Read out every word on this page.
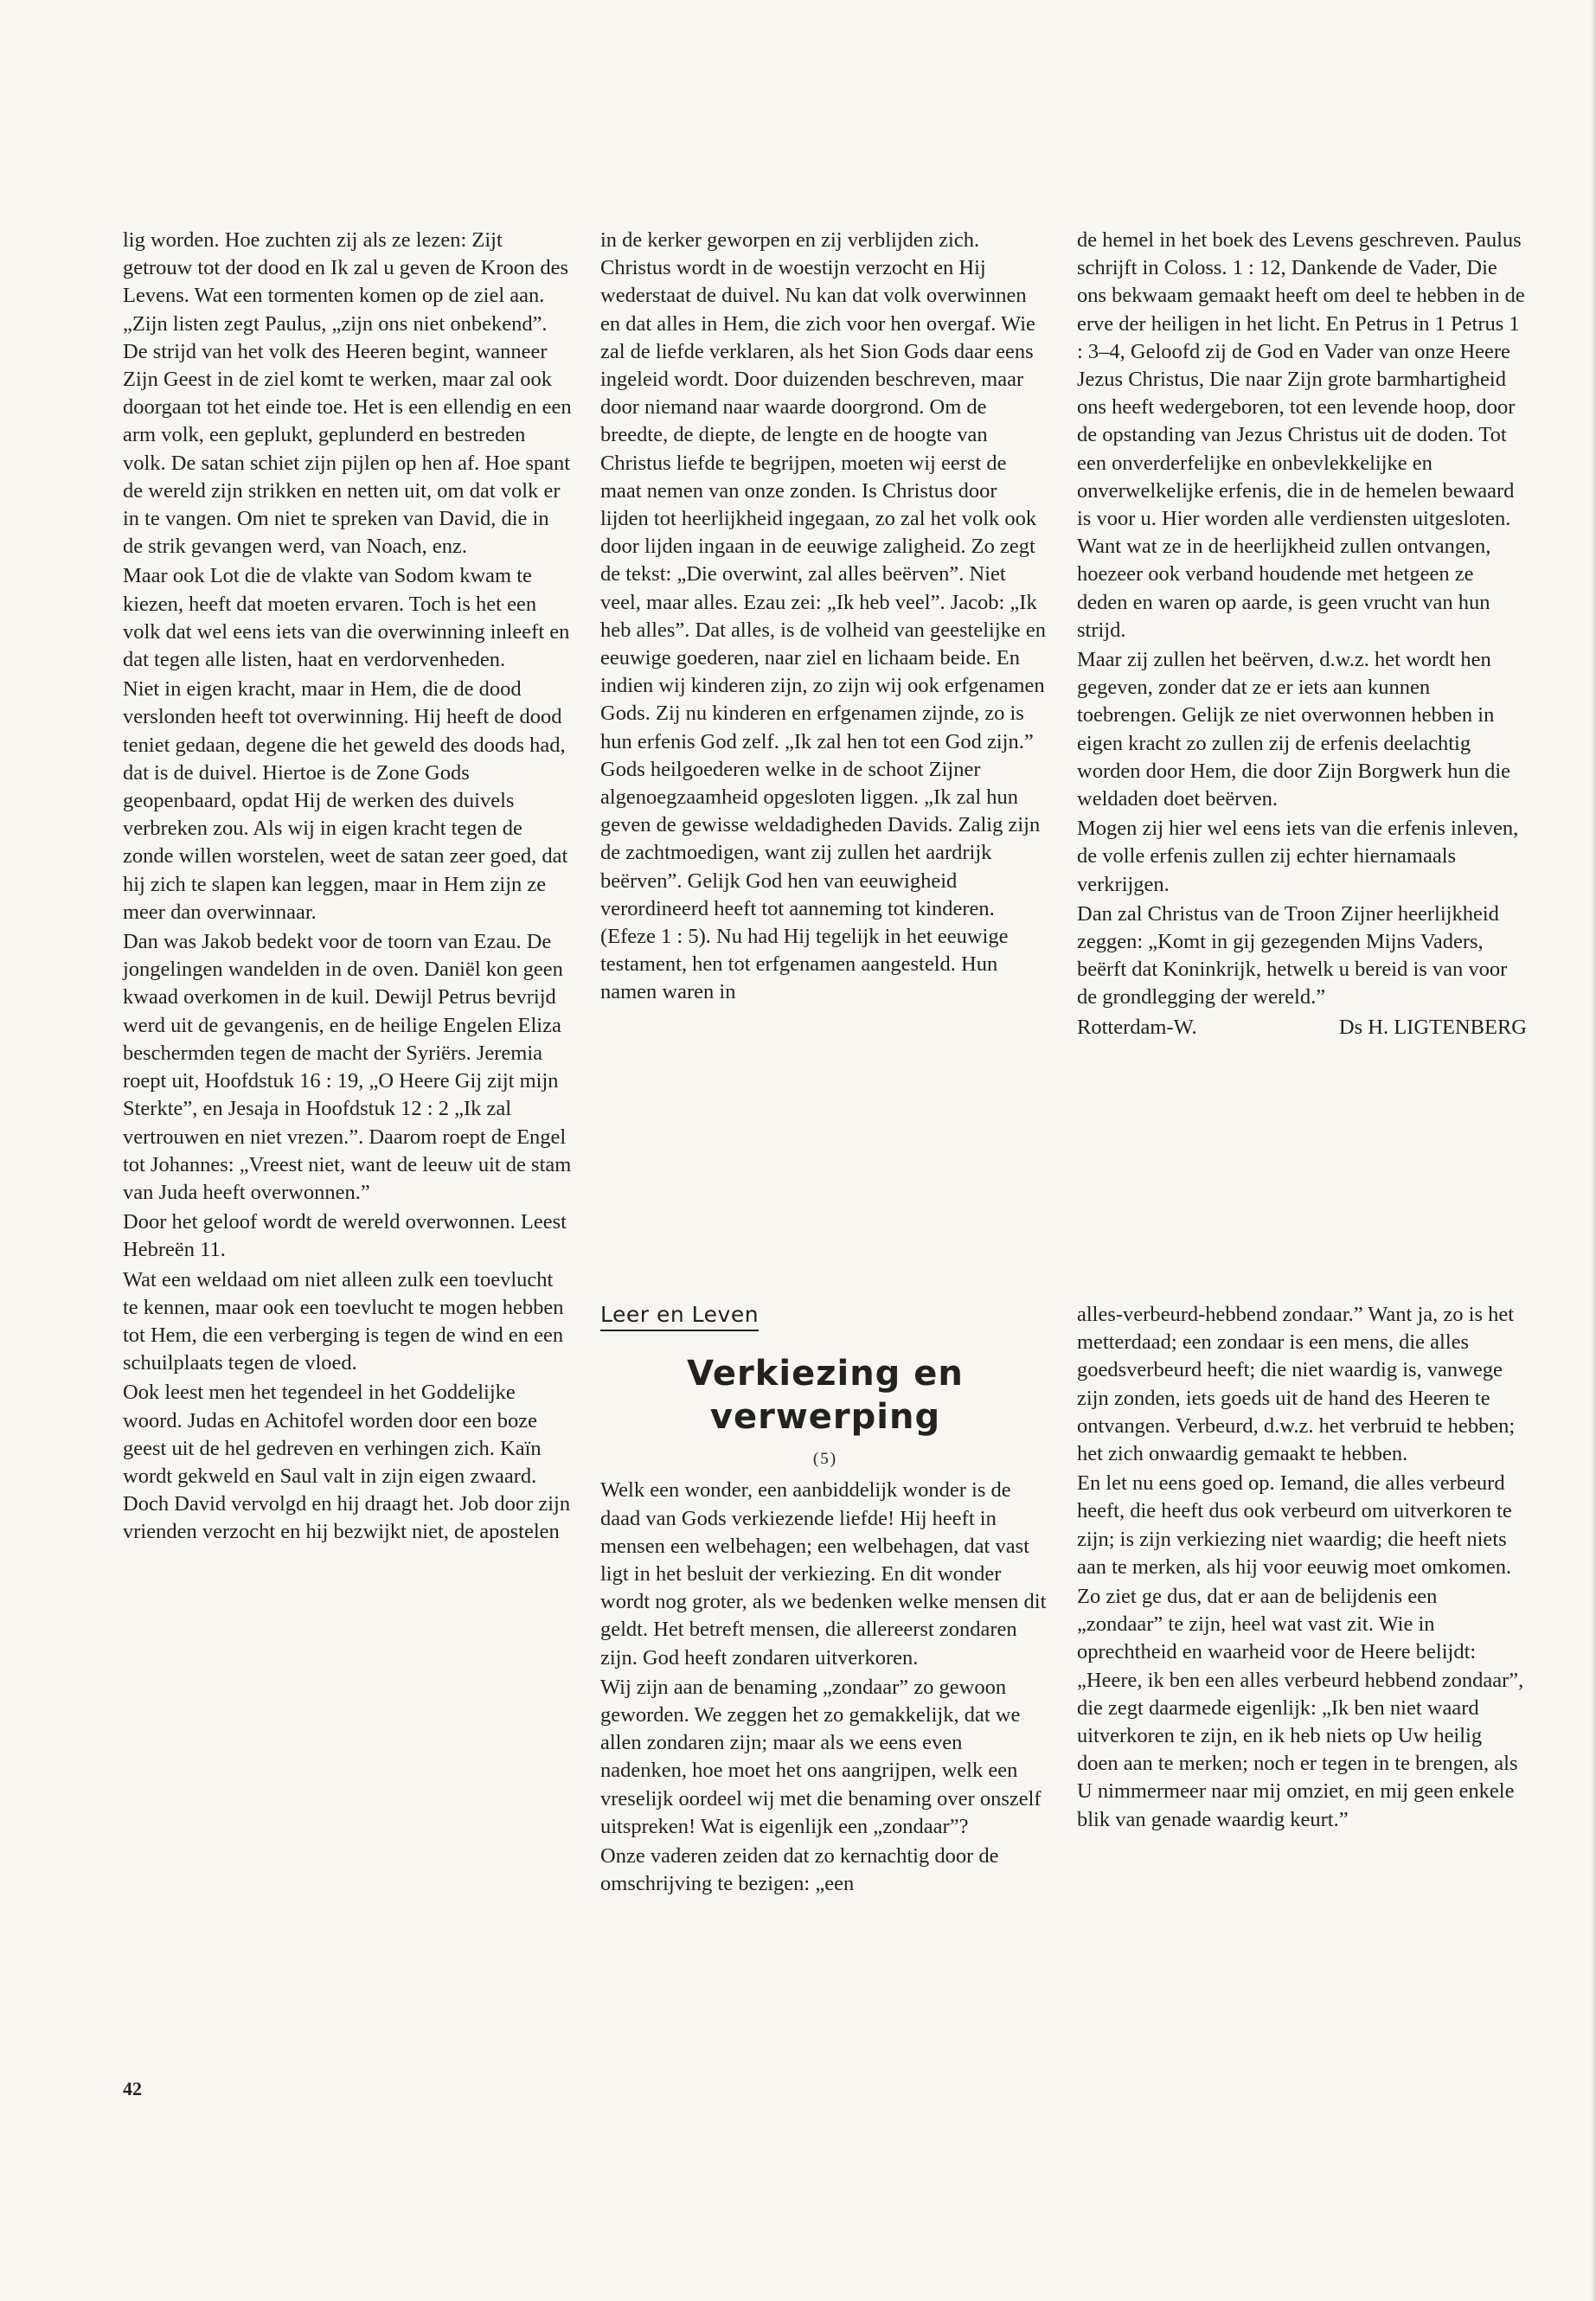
lig worden. Hoe zuchten zij als ze lezen: Zijt getrouw tot der dood en Ik zal u geven de Kroon des Levens. Wat een tormenten komen op de ziel aan. „Zijn listen zegt Paulus, „zijn ons niet onbekend”. De strijd van het volk des Heeren begint, wanneer Zijn Geest in de ziel komt te werken, maar zal ook doorgaan tot het einde toe. Het is een ellendig en een arm volk, een geplukt, geplunderd en bestreden volk. De satan schiet zijn pijlen op hen af. Hoe spant de wereld zijn strikken en netten uit, om dat volk er in te vangen. Om niet te spreken van David, die in de strik gevangen werd, van Noach, enz.

Maar ook Lot die de vlakte van Sodom kwam te kiezen, heeft dat moeten ervaren. Toch is het een volk dat wel eens iets van die overwinning inleeft en dat tegen alle listen, haat en verdorvenheden.

Niet in eigen kracht, maar in Hem, die de dood verslonden heeft tot overwinning. Hij heeft de dood teniet gedaan, degene die het geweld des doods had, dat is de duivel. Hiertoe is de Zone Gods geopenbaard, opdat Hij de werken des duivels verbreken zou. Als wij in eigen kracht tegen de zonde willen worstelen, weet de satan zeer goed, dat hij zich te slapen kan leggen, maar in Hem zijn ze meer dan overwinnaar.

Dan was Jakob bedekt voor de toorn van Ezau. De jongelingen wandelden in de oven. Daniël kon geen kwaad overkomen in de kuil. Dewijl Petrus bevrijd werd uit de gevangenis, en de heilige Engelen Eliza beschermden tegen de macht der Syriërs. Jeremia roept uit, Hoofdstuk 16 : 19, „O Heere Gij zijt mijn Sterkte”, en Jesaja in Hoofdstuk 12 : 2 „Ik zal vertrouwen en niet vrezen.”. Daarom roept de Engel tot Johannes: „Vreest niet, want de leeuw uit de stam van Juda heeft overwonnen.”

Door het geloof wordt de wereld overwonnen. Leest Hebreën 11.

Wat een weldaad om niet alleen zulk een toevlucht te kennen, maar ook een toevlucht te mogen hebben tot Hem, die een verberging is tegen de wind en een schuilplaats tegen de vloed.

Ook leest men het tegendeel in het Goddelijke woord. Judas en Achitofel worden door een boze geest uit de hel gedreven en verhingen zich. Kaïn wordt gekweld en Saul valt in zijn eigen zwaard. Doch David vervolgd en hij draagt het. Job door zijn vrienden verzocht en hij bezwijkt niet, de apostelen

in de kerker geworpen en zij verblijden zich. Christus wordt in de woestijn verzocht en Hij wederstaat de duivel. Nu kan dat volk overwinnen en dat alles in Hem, die zich voor hen overgaf. Wie zal de liefde verklaren, als het Sion Gods daar eens ingeleid wordt. Door duizenden beschreven, maar door niemand naar waarde doorgrond. Om de breedte, de diepte, de lengte en de hoogte van Christus liefde te begrijpen, moeten wij eerst de maat nemen van onze zonden. Is Christus door lijden tot heerlijkheid ingegaan, zo zal het volk ook door lijden ingaan in de eeuwige zaligheid. Zo zegt de tekst: „Die overwint, zal alles beërven”. Niet veel, maar alles. Ezau zei: „Ik heb veel”. Jacob: „Ik heb alles”. Dat alles, is de volheid van geestelijke en eeuwige goederen, naar ziel en lichaam beide. En indien wij kinderen zijn, zo zijn wij ook erfgenamen Gods. Zij nu kinderen en erfgenamen zijnde, zo is hun erfenis God zelf. „Ik zal hen tot een God zijn.” Gods heilgoederen welke in de schoot Zijner algenoegzaamheid opgesloten liggen. „Ik zal hun geven de gewisse weldadigheden Davids. Zalig zijn de zachtmoedigen, want zij zullen het aardrijk beërven”. Gelijk God hen van eeuwigheid verordineerd heeft tot aanneming tot kinderen. (Efeze 1 : 5). Nu had Hij tegelijk in het eeuwige testament, hen tot erfgenamen aangesteld. Hun namen waren in

de hemel in het boek des Levens geschreven. Paulus schrijft in Coloss. 1 : 12, Dankende de Vader, Die ons bekwaam gemaakt heeft om deel te hebben in de erve der heiligen in het licht. En Petrus in 1 Petrus 1 : 3–4, Geloofd zij de God en Vader van onze Heere Jezus Christus, Die naar Zijn grote barmhartigheid ons heeft wedergeboren, tot een levende hoop, door de opstanding van Jezus Christus uit de doden. Tot een onverderfelijke en onbevlekkelijke en onverwelkelijke erfenis, die in de hemelen bewaard is voor u. Hier worden alle verdiensten uitgesloten. Want wat ze in de heerlijkheid zullen ontvangen, hoezeer ook verband houdende met hetgeen ze deden en waren op aarde, is geen vrucht van hun strijd.

Maar zij zullen het beërven, d.w.z. het wordt hen gegeven, zonder dat ze er iets aan kunnen toebrengen. Gelijk ze niet overwonnen hebben in eigen kracht zo zullen zij de erfenis deelachtig worden door Hem, die door Zijn Borgwerk hun die weldaden doet beërven.

Mogen zij hier wel eens iets van die erfenis inleven, de volle erfenis zullen zij echter hiernamaals verkrijgen.

Dan zal Christus van de Troon Zijner heerlijkheid zeggen: „Komt in gij gezegenden Mijns Vaders, beërft dat Koninkrijk, hetwelk u bereid is van voor de grondlegging der wereld.”

Rotterdam-W.	Ds H. LIGTENBERG
Leer en Leven
Verkiezing en
verwerping
(5)

Welk een wonder, een aanbiddelijk wonder is de daad van Gods verkiezende liefde! Hij heeft in mensen een welbehagen; een welbehagen, dat vast ligt in het besluit der verkiezing. En dit wonder wordt nog groter, als we bedenken welke mensen dit geldt. Het betreft mensen, die allereerst zondaren zijn. God heeft zondaren uitverkoren.

Wij zijn aan de benaming „zondaar” zo gewoon geworden. We zeggen het zo gemakkelijk, dat we allen zondaren zijn; maar als we eens even nadenken, hoe moet het ons aangrijpen, welk een vreselijk oordeel wij met die benaming over onszelf uitspreken! Wat is eigenlijk een „zondaar”?

Onze vaderen zeiden dat zo kernachtig door de omschrijving te bezigen: „een

alles-verbeurd-hebbend zondaar.” Want ja, zo is het metterdaad; een zondaar is een mens, die alles goedsverbeurd heeft; die niet waardig is, vanwege zijn zonden, iets goeds uit de hand des Heeren te ontvangen. Verbeurd, d.w.z. het verbruid te hebben; het zich onwaardig gemaakt te hebben.

En let nu eens goed op. Iemand, die alles verbeurd heeft, die heeft dus ook verbeurd om uitverkoren te zijn; is zijn verkiezing niet waardig; die heeft niets aan te merken, als hij voor eeuwig moet omkomen.

Zo ziet ge dus, dat er aan de belijdenis een „zondaar” te zijn, heel wat vast zit. Wie in oprechtheid en waarheid voor de Heere belijdt: „Heere, ik ben een alles verbeurd hebbend zondaar”, die zegt daarmede eigenlijk: „Ik ben niet waard uitverkoren te zijn, en ik heb niets op Uw heilig doen aan te merken; noch er tegen in te brengen, als U nimmermeer naar mij omziet, en mij geen enkele blik van genade waardig keurt.”

42
